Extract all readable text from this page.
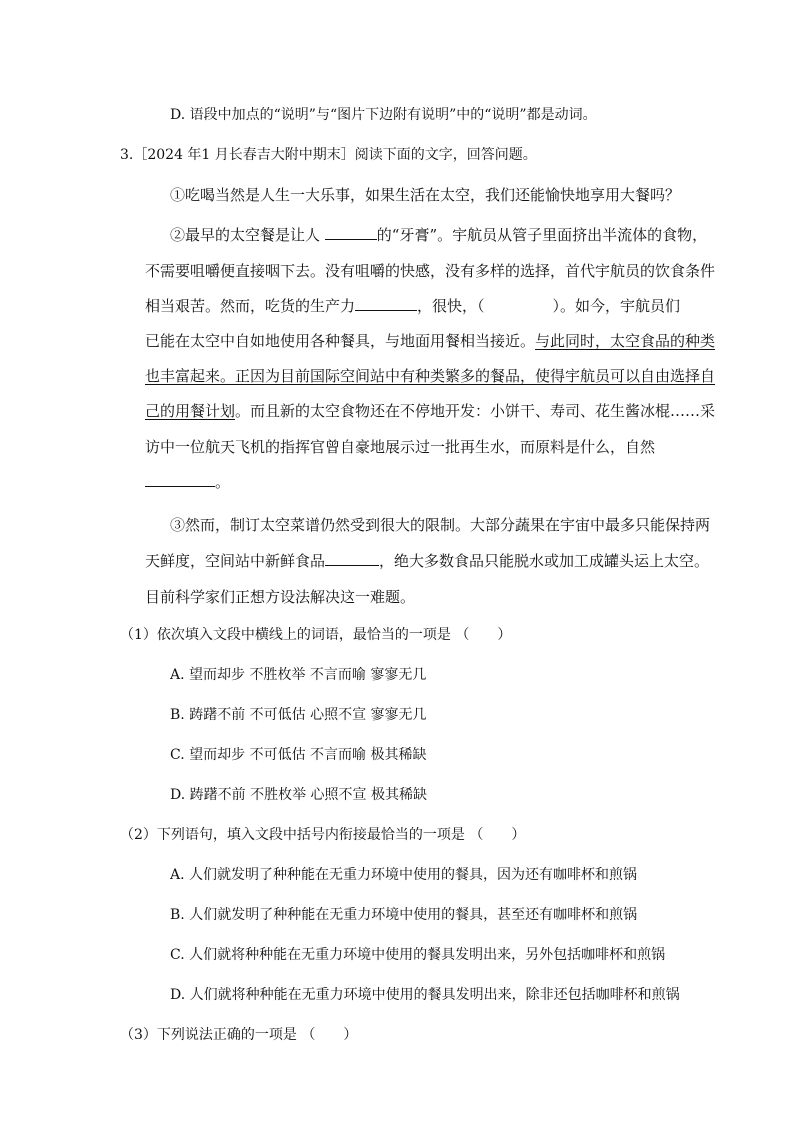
D. 语段中加点的“说明”与“图片下边附有说明”中的“说明”都是动词。
3.［2024 年1 月长春吉大附中期末］阅读下面的文字，回答问题。
①吃喝当然是人生一大乐事，如果生活在太空，我们还能愉快地享用大餐吗？
②最早的太空餐是让人	的“牙膏”。宇航员从管子里面挤出半流体的食物，
不需要咀嚼便直接咽下去。没有咀嚼的快感，没有多样的选择，首代宇航员的饮食条件
相当艰苦。然而，吃货的生产力	，很快，（	）。如今，宇航员们
已能在太空中自如地使用各种餐具，与地面用餐相当接近。与此同时，太空食品的种类
也丰富起来。正因为目前国际空间站中有种类繁多的餐品，使得宇航员可以自由选择自
己的用餐计划。而且新的太空食物还在不停地开发：小饼干、寿司、花生酱冰棍……采
访中一位航天飞机的指挥官曾自豪地展示过一批再生水，而原料是什么，自然
。
③然而，制订太空菜谱仍然受到很大的限制。大部分蔬果在宇宙中最多只能保持两
天鲜度，空间站中新鲜食品	，绝大多数食品只能脱水或加工成罐头运上太空。
目前科学家们正想方设法解决这一难题。
（1）依次填入文段中横线上的词语，最恰当的一项是 （　　）
A. 望而却步 不胜枚举 不言而喻 寥寥无几
B. 踌躇不前 不可低估 心照不宣 寥寥无几
C. 望而却步 不可低估 不言而喻 极其稀缺
D. 踌躇不前 不胜枚举 心照不宣 极其稀缺
（2）下列语句，填入文段中括号内衔接最恰当的一项是 （　　）
A. 人们就发明了种种能在无重力环境中使用的餐具，因为还有咖啡杯和煎锅
B. 人们就发明了种种能在无重力环境中使用的餐具，甚至还有咖啡杯和煎锅
C. 人们就将种种能在无重力环境中使用的餐具发明出来，另外包括咖啡杯和煎锅
D. 人们就将种种能在无重力环境中使用的餐具发明出来，除非还包括咖啡杯和煎锅
（3）下列说法正确的一项是 （　　）
